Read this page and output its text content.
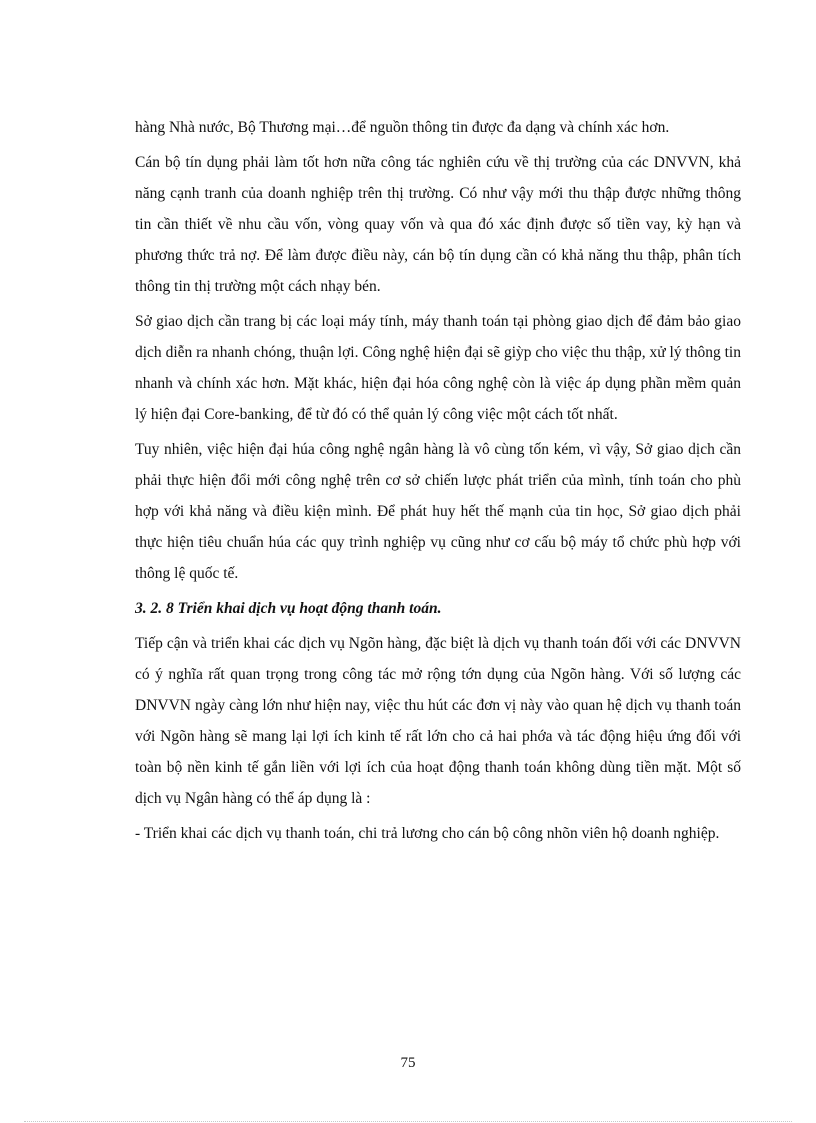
hàng Nhà nước, Bộ Thương mại…để nguồn thông tin được đa dạng và chính xác hơn.

Cán bộ tín dụng phải làm tốt hơn nữa công tác nghiên cứu về thị trường của các DNVVN, khả năng cạnh tranh của doanh nghiệp trên thị trường. Có như vậy mới thu thập được những thông tin cần thiết về nhu cầu vốn, vòng quay vốn và qua đó xác định được số tiền vay, kỳ hạn và phương thức trả nợ. Để làm được điều này, cán bộ tín dụng cần có khả năng thu thập, phân tích thông tin thị trường một cách nhạy bén.

Sở giao dịch cần trang bị các loại máy tính, máy thanh toán tại phòng giao dịch để đảm bảo giao dịch diễn ra nhanh chóng, thuận lợi. Công nghệ hiện đại sẽ giỳp cho việc thu thập, xử lý thông tin nhanh và chính xác hơn. Mặt khác, hiện đại hóa công nghệ còn là việc áp dụng phần mềm quản lý hiện đại Core-banking, để từ đó có thể quản lý công việc một cách tốt nhất.

Tuy nhiên, việc hiện đại húa công nghệ ngân hàng là vô cùng tốn kém, vì vậy, Sở giao dịch cần phải thực hiện đổi mới công nghệ trên cơ sở chiến lược phát triển của mình, tính toán cho phù hợp với khả năng và điều kiện mình. Để phát huy hết thế mạnh của tin học, Sở giao dịch phải thực hiện tiêu chuẩn húa các quy trình nghiệp vụ cũng như cơ cấu bộ máy tổ chức phù hợp với thông lệ quốc tế.

3. 2. 8 Triển khai dịch vụ hoạt động thanh toán.

Tiếp cận và triển khai các dịch vụ Ngõn hàng, đặc biệt là dịch vụ thanh toán đối với các DNVVN có ý nghĩa rất quan trọng trong công tác mở rộng tớn dụng của Ngõn hàng. Với số lượng các DNVVN ngày càng lớn như hiện nay, việc thu hút các đơn vị này vào quan hệ dịch vụ thanh toán với Ngõn hàng sẽ mang lại lợi ích kinh tế rất lớn cho cả hai phớa và tác động hiệu ứng đối với toàn bộ nền kinh tế gắn liền với lợi ích của hoạt động thanh toán không dùng tiền mặt. Một số dịch vụ Ngân hàng có thể áp dụng là :

- Triển khai các dịch vụ thanh toán, chi trả lương cho cán bộ công nhõn viên hộ doanh nghiệp.

75
